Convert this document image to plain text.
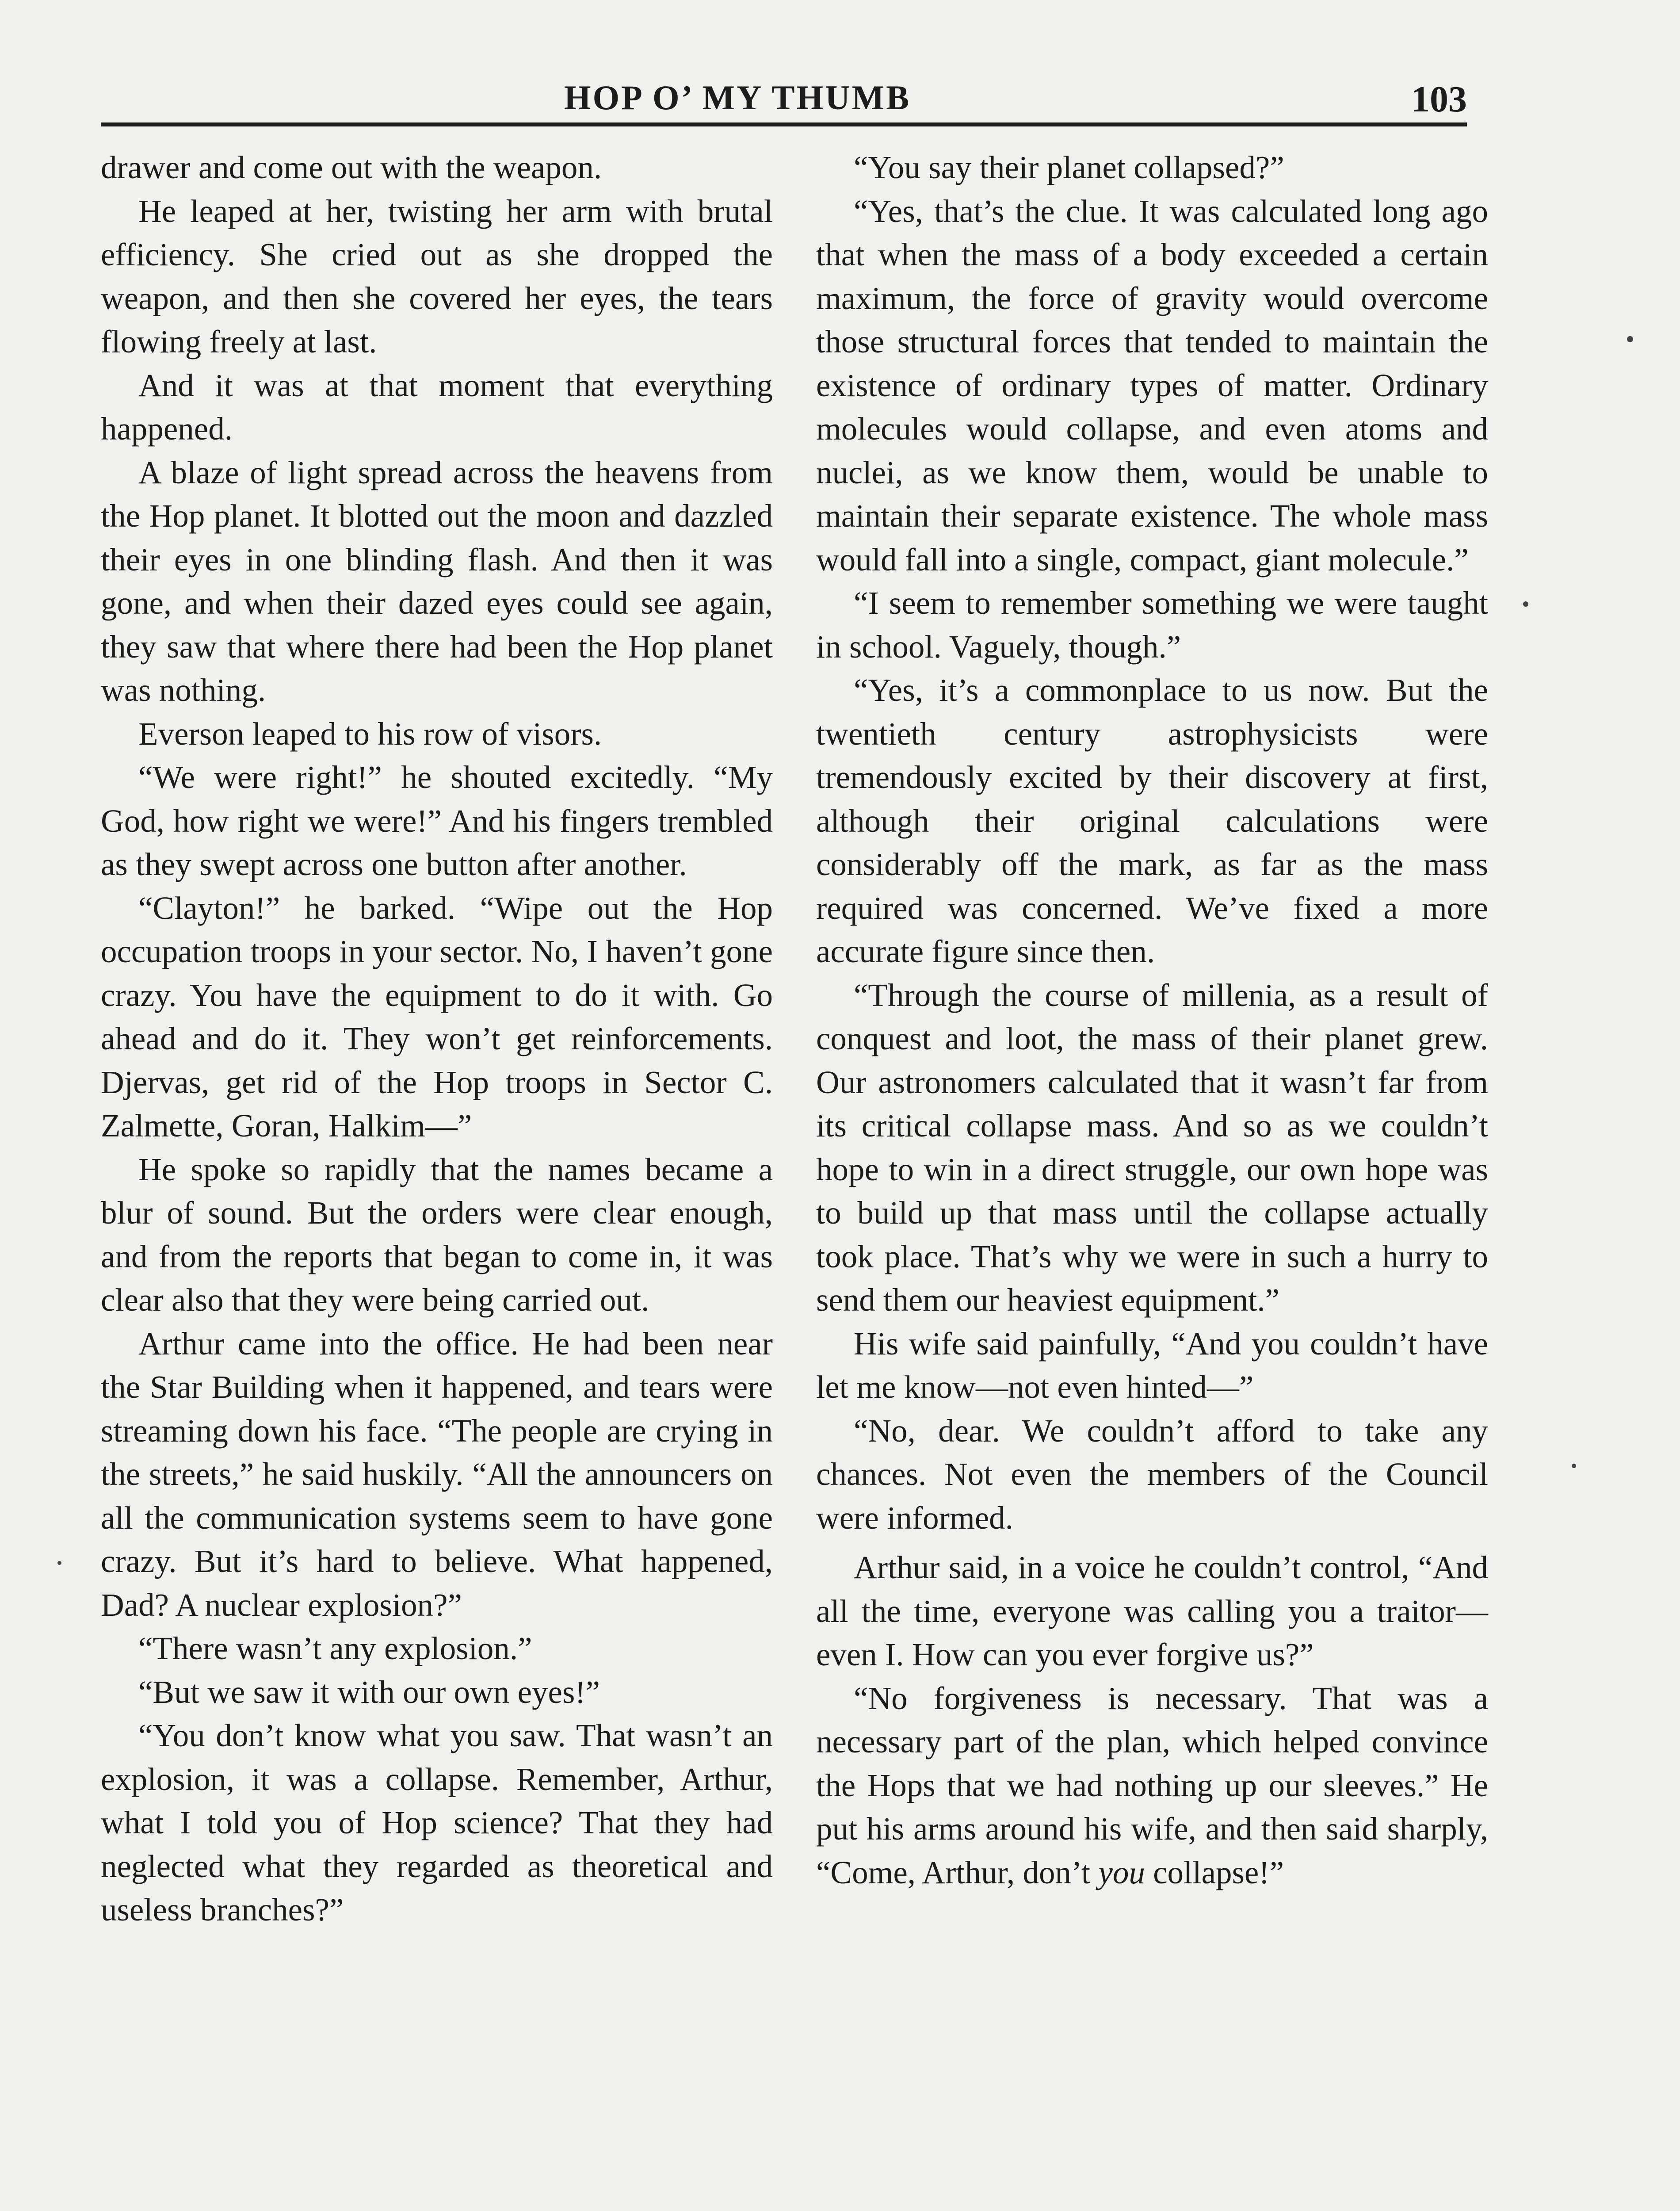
HOP O’ MY THUMB	103

drawer and come out with the weapon.

He leaped at her, twisting her arm with brutal efficiency. She cried out as she dropped the weapon, and then she covered her eyes, the tears flowing freely at last.

And it was at that moment that everything happened.

A blaze of light spread across the heavens from the Hop planet. It blotted out the moon and dazzled their eyes in one blinding flash. And then it was gone, and when their dazed eyes could see again, they saw that where there had been the Hop planet was nothing.

Everson leaped to his row of visors.

“We were right!” he shouted excitedly. “My God, how right we were!” And his fingers trembled as they swept across one button after another.

“Clayton!” he barked. “Wipe out the Hop occupation troops in your sector. No, I haven’t gone crazy. You have the equipment to do it with. Go ahead and do it. They won’t get reinforcements. Djervas, get rid of the Hop troops in Sector C. Zalmette, Goran, Halkim—”

He spoke so rapidly that the names became a blur of sound. But the orders were clear enough, and from the reports that began to come in, it was clear also that they were being carried out.

Arthur came into the office. He had been near the Star Building when it happened, and tears were streaming down his face. “The people are crying in the streets,” he said huskily. “All the announcers on all the communication systems seem to have gone crazy. But it’s hard to believe. What happened, Dad? A nuclear explosion?”

“There wasn’t any explosion.”

“But we saw it with our own eyes!”

“You don’t know what you saw. That wasn’t an explosion, it was a collapse. Remember, Arthur, what I told you of Hop science? That they had neglected what they regarded as theoretical and useless branches?”

“You say their planet collapsed?”

“Yes, that’s the clue. It was calculated long ago that when the mass of a body exceeded a certain maximum, the force of gravity would overcome those structural forces that tended to maintain the existence of ordinary types of matter. Ordinary molecules would collapse, and even atoms and nuclei, as we know them, would be unable to maintain their separate existence. The whole mass would fall into a single, compact, giant molecule.”

“I seem to remember something we were taught in school. Vaguely, though.”

“Yes, it’s a commonplace to us now. But the twentieth century astrophysicists were tremendously excited by their discovery at first, although their original calculations were considerably off the mark, as far as the mass required was concerned. We’ve fixed a more accurate figure since then.

“Through the course of millenia, as a result of conquest and loot, the mass of their planet grew. Our astronomers calculated that it wasn’t far from its critical collapse mass. And so as we couldn’t hope to win in a direct struggle, our own hope was to build up that mass until the collapse actually took place. That’s why we were in such a hurry to send them our heaviest equipment.”

His wife said painfully, “And you couldn’t have let me know—not even hinted—”

“No, dear. We couldn’t afford to take any chances. Not even the members of the Council were informed.

Arthur said, in a voice he couldn’t control, “And all the time, everyone was calling you a traitor—even I. How can you ever forgive us?”

“No forgiveness is necessary. That was a necessary part of the plan, which helped convince the Hops that we had nothing up our sleeves.” He put his arms around his wife, and then said sharply, “Come, Arthur, don’t you collapse!”
